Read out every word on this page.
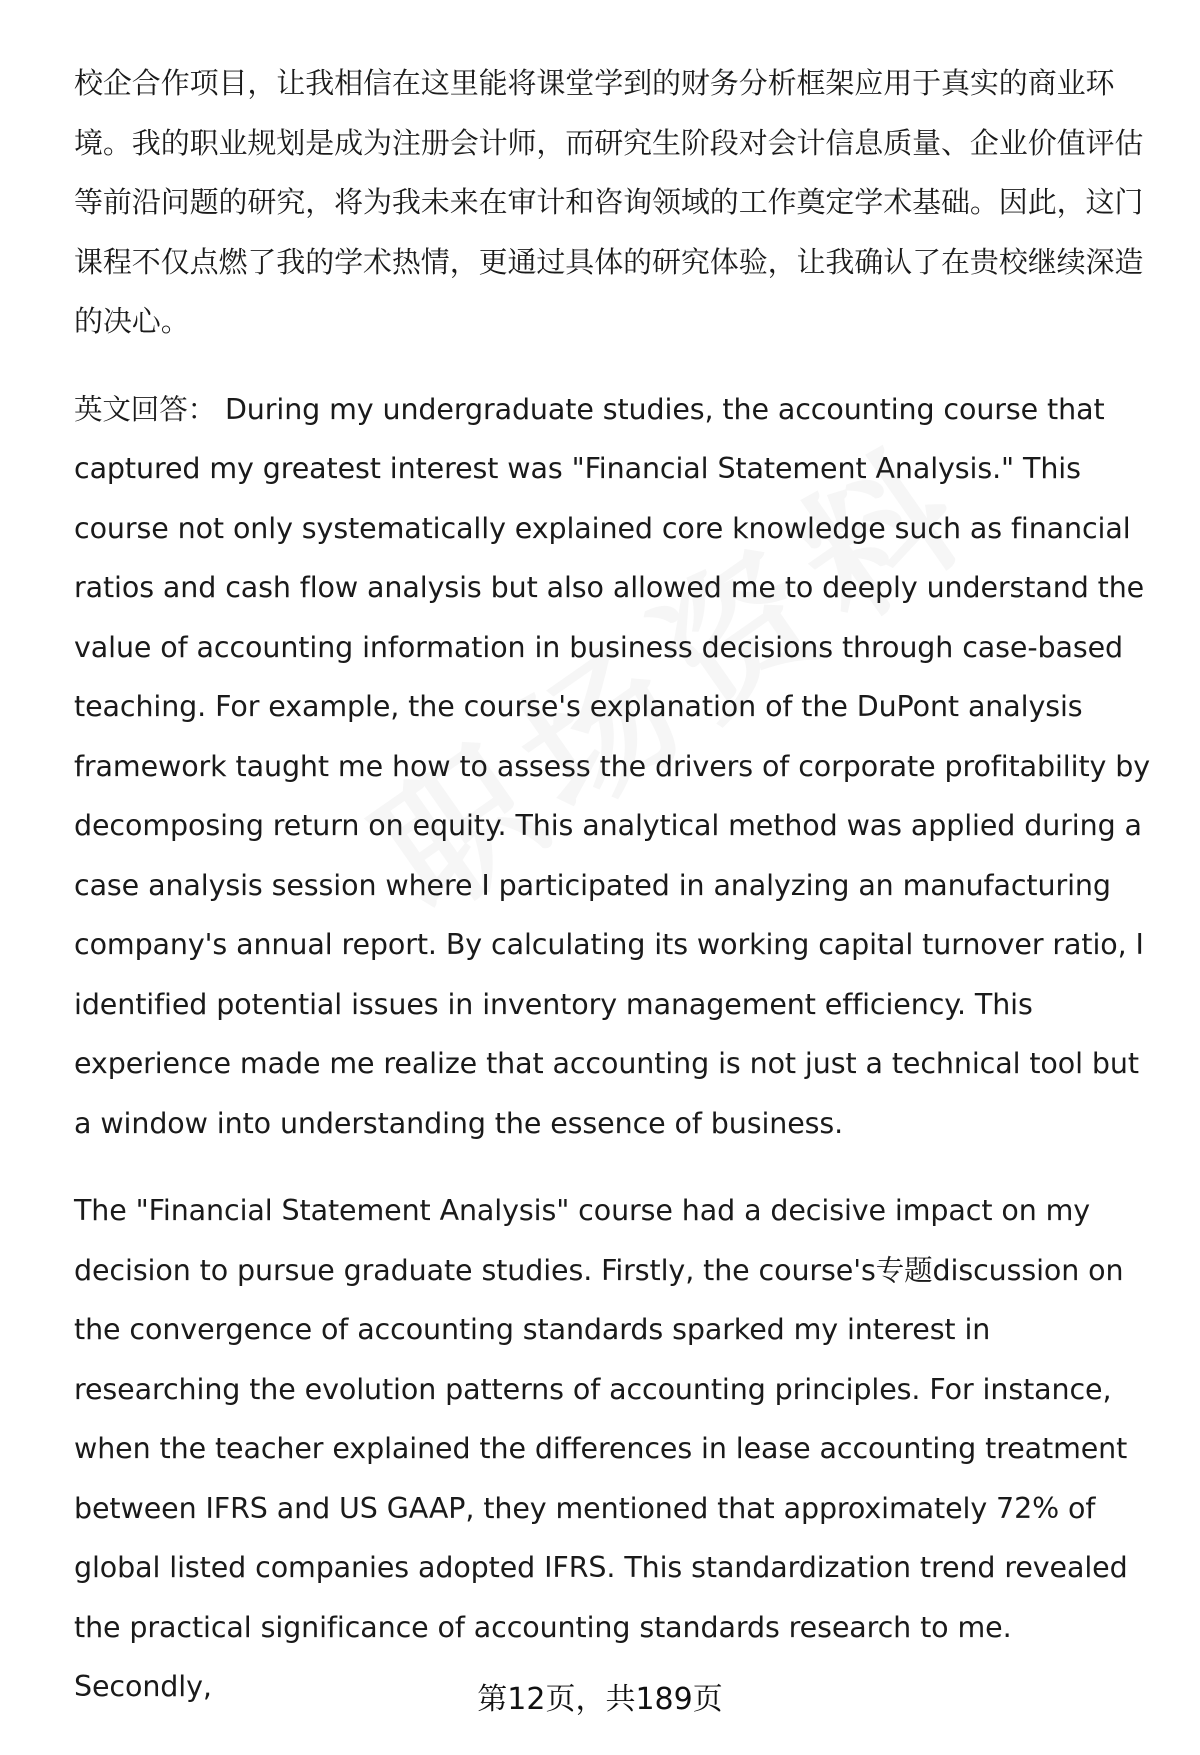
校企合作项目，让我相信在这里能将课堂学到的财务分析框架应用于真实的商业环境。我的职业规划是成为注册会计师，而研究生阶段对会计信息质量、企业价值评估等前沿问题的研究，将为我未来在审计和咨询领域的工作奠定学术基础。因此，这门课程不仅点燃了我的学术热情，更通过具体的研究体验，让我确认了在贵校继续深造的决心。

英文回答： During my undergraduate studies, the accounting course that captured my greatest interest was "Financial Statement Analysis." This course not only systematically explained core knowledge such as financial ratios and cash flow analysis but also allowed me to deeply understand the value of accounting information in business decisions through case-based teaching. For example, the course's explanation of the DuPont analysis framework taught me how to assess the drivers of corporate profitability by decomposing return on equity. This analytical method was applied during a case analysis session where I participated in analyzing an manufacturing company's annual report. By calculating its working capital turnover ratio, I identified potential issues in inventory management efficiency. This experience made me realize that accounting is not just a technical tool but a window into understanding the essence of business.

The "Financial Statement Analysis" course had a decisive impact on my decision to pursue graduate studies. Firstly, the course's专题discussion on the convergence of accounting standards sparked my interest in researching the evolution patterns of accounting principles. For instance, when the teacher explained the differences in lease accounting treatment between IFRS and US GAAP, they mentioned that approximately 72% of global listed companies adopted IFRS. This standardization trend revealed the practical significance of accounting standards research to me. Secondly,	第12页，共189页
